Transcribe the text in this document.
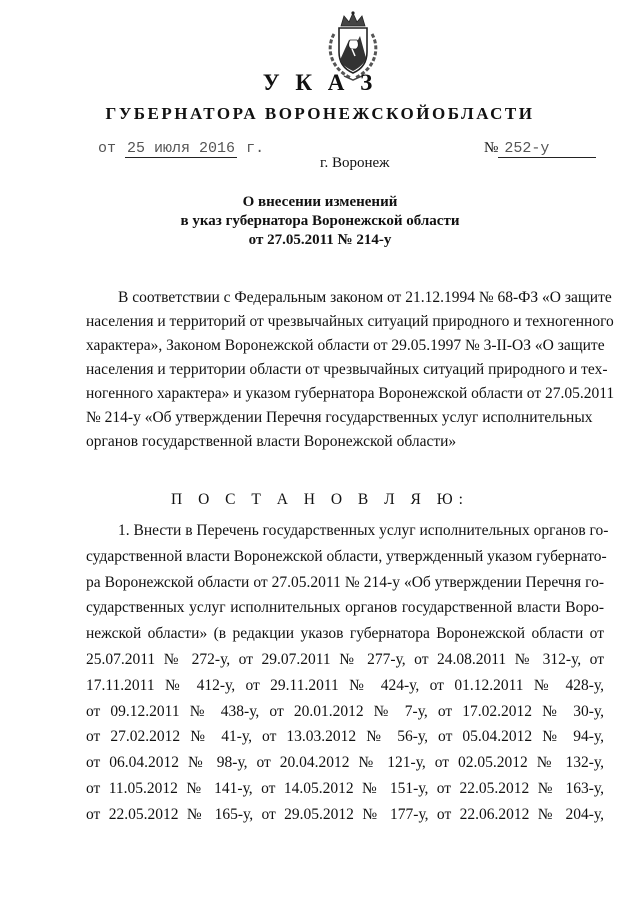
У К А З
ГУБЕРНАТОРА ВОРОНЕЖСКОЙОБЛАСТИ
от 25 июля 2016 г.	№ 252-у
г. Воронеж
О внесении изменений
в указ губернатора Воронежской области
от 27.05.2011 № 214-у
В соответствии с Федеральным законом от 21.12.1994 № 68-ФЗ «О защите
населения и территорий от чрезвычайных ситуаций природного и техногенного
характера», Законом Воронежской области от 29.05.1997 № 3-II-ОЗ «О защите
населения и территории области от чрезвычайных ситуаций природного и тех-
ногенного характера» и указом губернатора Воронежской области от 27.05.2011
№ 214-у «Об утверждении Перечня государственных услуг исполнительных
органов государственной власти Воронежской области»
П О С Т А Н О В Л Я Ю:
1. Внести в Перечень государственных услуг исполнительных органов го-
сударственной власти Воронежской области, утвержденный указом губернато-
ра Воронежской области от 27.05.2011 № 214-у «Об утверждении Перечня го-
сударственных услуг исполнительных органов государственной власти Воро-
нежской области» (в редакции указов губернатора Воронежской области от
25.07.2011 № 272-у, от 29.07.2011 № 277-у, от 24.08.2011 № 312-у, от
17.11.2011 № 412-у, от 29.11.2011 № 424-у, от 01.12.2011 № 428-у,
от 09.12.2011 № 438-у, от 20.01.2012 № 7-у, от 17.02.2012 № 30-у,
от 27.02.2012 № 41-у, от 13.03.2012 № 56-у, от 05.04.2012 № 94-у,
от 06.04.2012 № 98-у, от 20.04.2012 № 121-у, от 02.05.2012 № 132-у,
от 11.05.2012 № 141-у, от 14.05.2012 № 151-у, от 22.05.2012 № 163-у,
от 22.05.2012 № 165-у, от 29.05.2012 № 177-у, от 22.06.2012 № 204-у,
